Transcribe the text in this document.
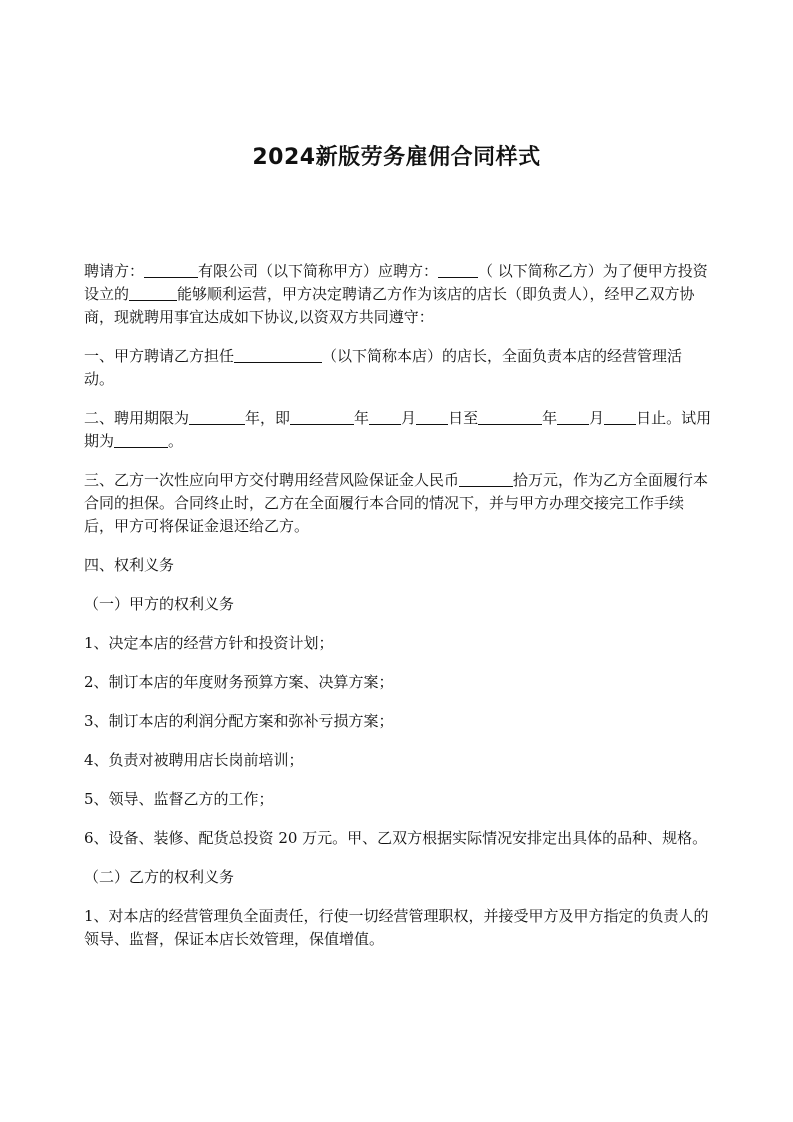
2024新版劳务雇佣合同样式

聘请方：	有限公司（以下简称甲方）应聘方：	（ 以下简称乙方）为了便甲方投资设立的	能够顺利运营，甲方决定聘请乙方作为该店的店长（即负责人），经甲乙双方协商，现就聘用事宜达成如下协议,以资双方共同遵守：

一、甲方聘请乙方担任	（以下简称本店）的店长，全面负责本店的经营管理活动。

二、聘用期限为	年，即	年 月 日至	年 月 日止。试用期为	。

三、乙方一次性应向甲方交付聘用经营风险保证金人民币	拾万元，作为乙方全面履行本合同的担保。合同终止时，乙方在全面履行本合同的情况下，并与甲方办理交接完工作手续后，甲方可将保证金退还给乙方。

四、权利义务

（一）甲方的权利义务

1、决定本店的经营方针和投资计划；

2、制订本店的年度财务预算方案、决算方案；

3、制订本店的利润分配方案和弥补亏损方案；

4、负责对被聘用店长岗前培训；

5、领导、监督乙方的工作；

6、设备、装修、配货总投资 20 万元。甲、乙双方根据实际情况安排定出具体的品种、规格。

（二）乙方的权利义务

1、对本店的经营管理负全面责任，行使一切经营管理职权，并接受甲方及甲方指定的负责人的领导、监督，保证本店长效管理，保值增值。
